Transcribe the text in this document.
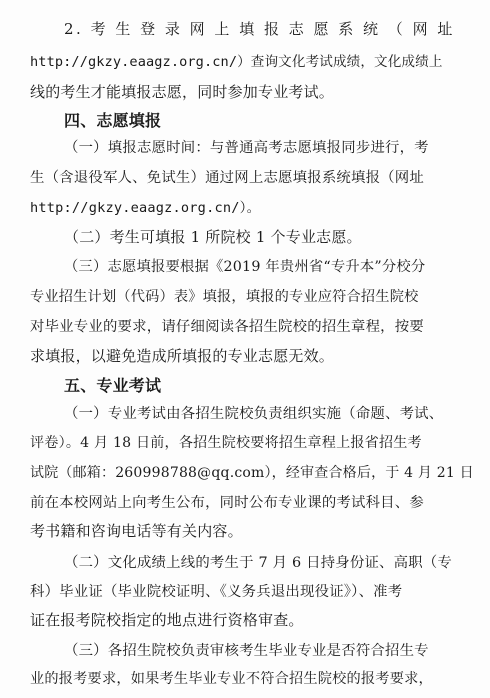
2. 考 生 登 录 网 上 填 报 志 愿 系 统 （ 网 址
http://gkzy.eaagz.org.cn/）查询文化考试成绩，文化成绩上
线的考生才能填报志愿，同时参加专业考试。
四、志愿填报
（一）填报志愿时间：与普通高考志愿填报同步进行，考
生（含退役军人、免试生）通过网上志愿填报系统填报（网址
http://gkzy.eaagz.org.cn/）。
（二）考生可填报 1 所院校 1 个专业志愿。
（三）志愿填报要根据《2019 年贵州省“专升本”分校分
专业招生计划（代码）表》填报，填报的专业应符合招生院校
对毕业专业的要求，请仔细阅读各招生院校的招生章程，按要
求填报，以避免造成所填报的专业志愿无效。
五、专业考试
（一）专业考试由各招生院校负责组织实施（命题、考试、
评卷）。4 月 18 日前，各招生院校要将招生章程上报省招生考
试院（邮箱：260998788@qq.com），经审查合格后，于 4 月 21 日
前在本校网站上向考生公布，同时公布专业课的考试科目、参
考书籍和咨询电话等有关内容。
（二）文化成绩上线的考生于 7 月 6 日持身份证、高职（专
科）毕业证（毕业院校证明、《义务兵退出现役证》）、准考
证在报考院校指定的地点进行资格审查。
（三）各招生院校负责审核考生毕业专业是否符合招生专
业的报考要求，如果考生毕业专业不符合招生院校的报考要求，
